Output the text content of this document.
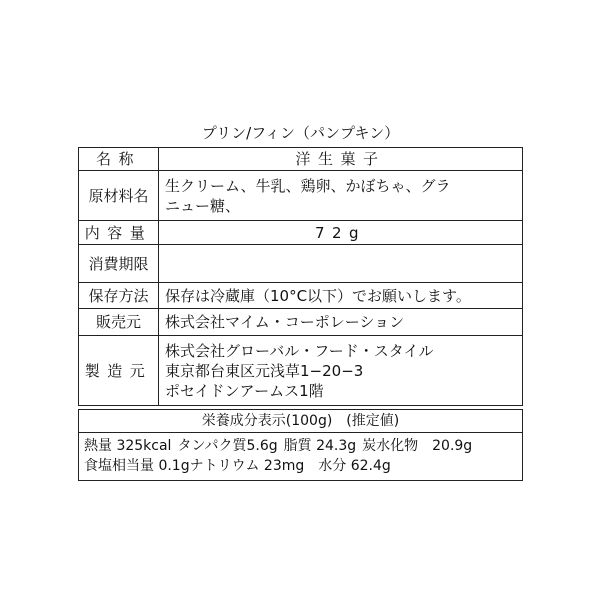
プリン/フィン（パンプキン）
名称	洋生菓子
原材料名	生クリーム、牛乳、鶏卵、かぼちゃ、グラ
ニュー糖、

内容量	72g
消費期限	
保存方法	保存は冷蔵庫（10°C以下）でお願いします。
販売元	株式会社マイム・コーポレーション
製造元	株式会社グローバル・フード・スタイル
東京都台東区元浅草1−20−3
ポセイドンアームス1階
栄養成分表示(100g)　(推定値)
熱量 325kcal タンパク質5.6g 脂質 24.3g 炭水化物　20.9g
食塩相当量 0.1gナトリウム 23mg 水分 62.4g
